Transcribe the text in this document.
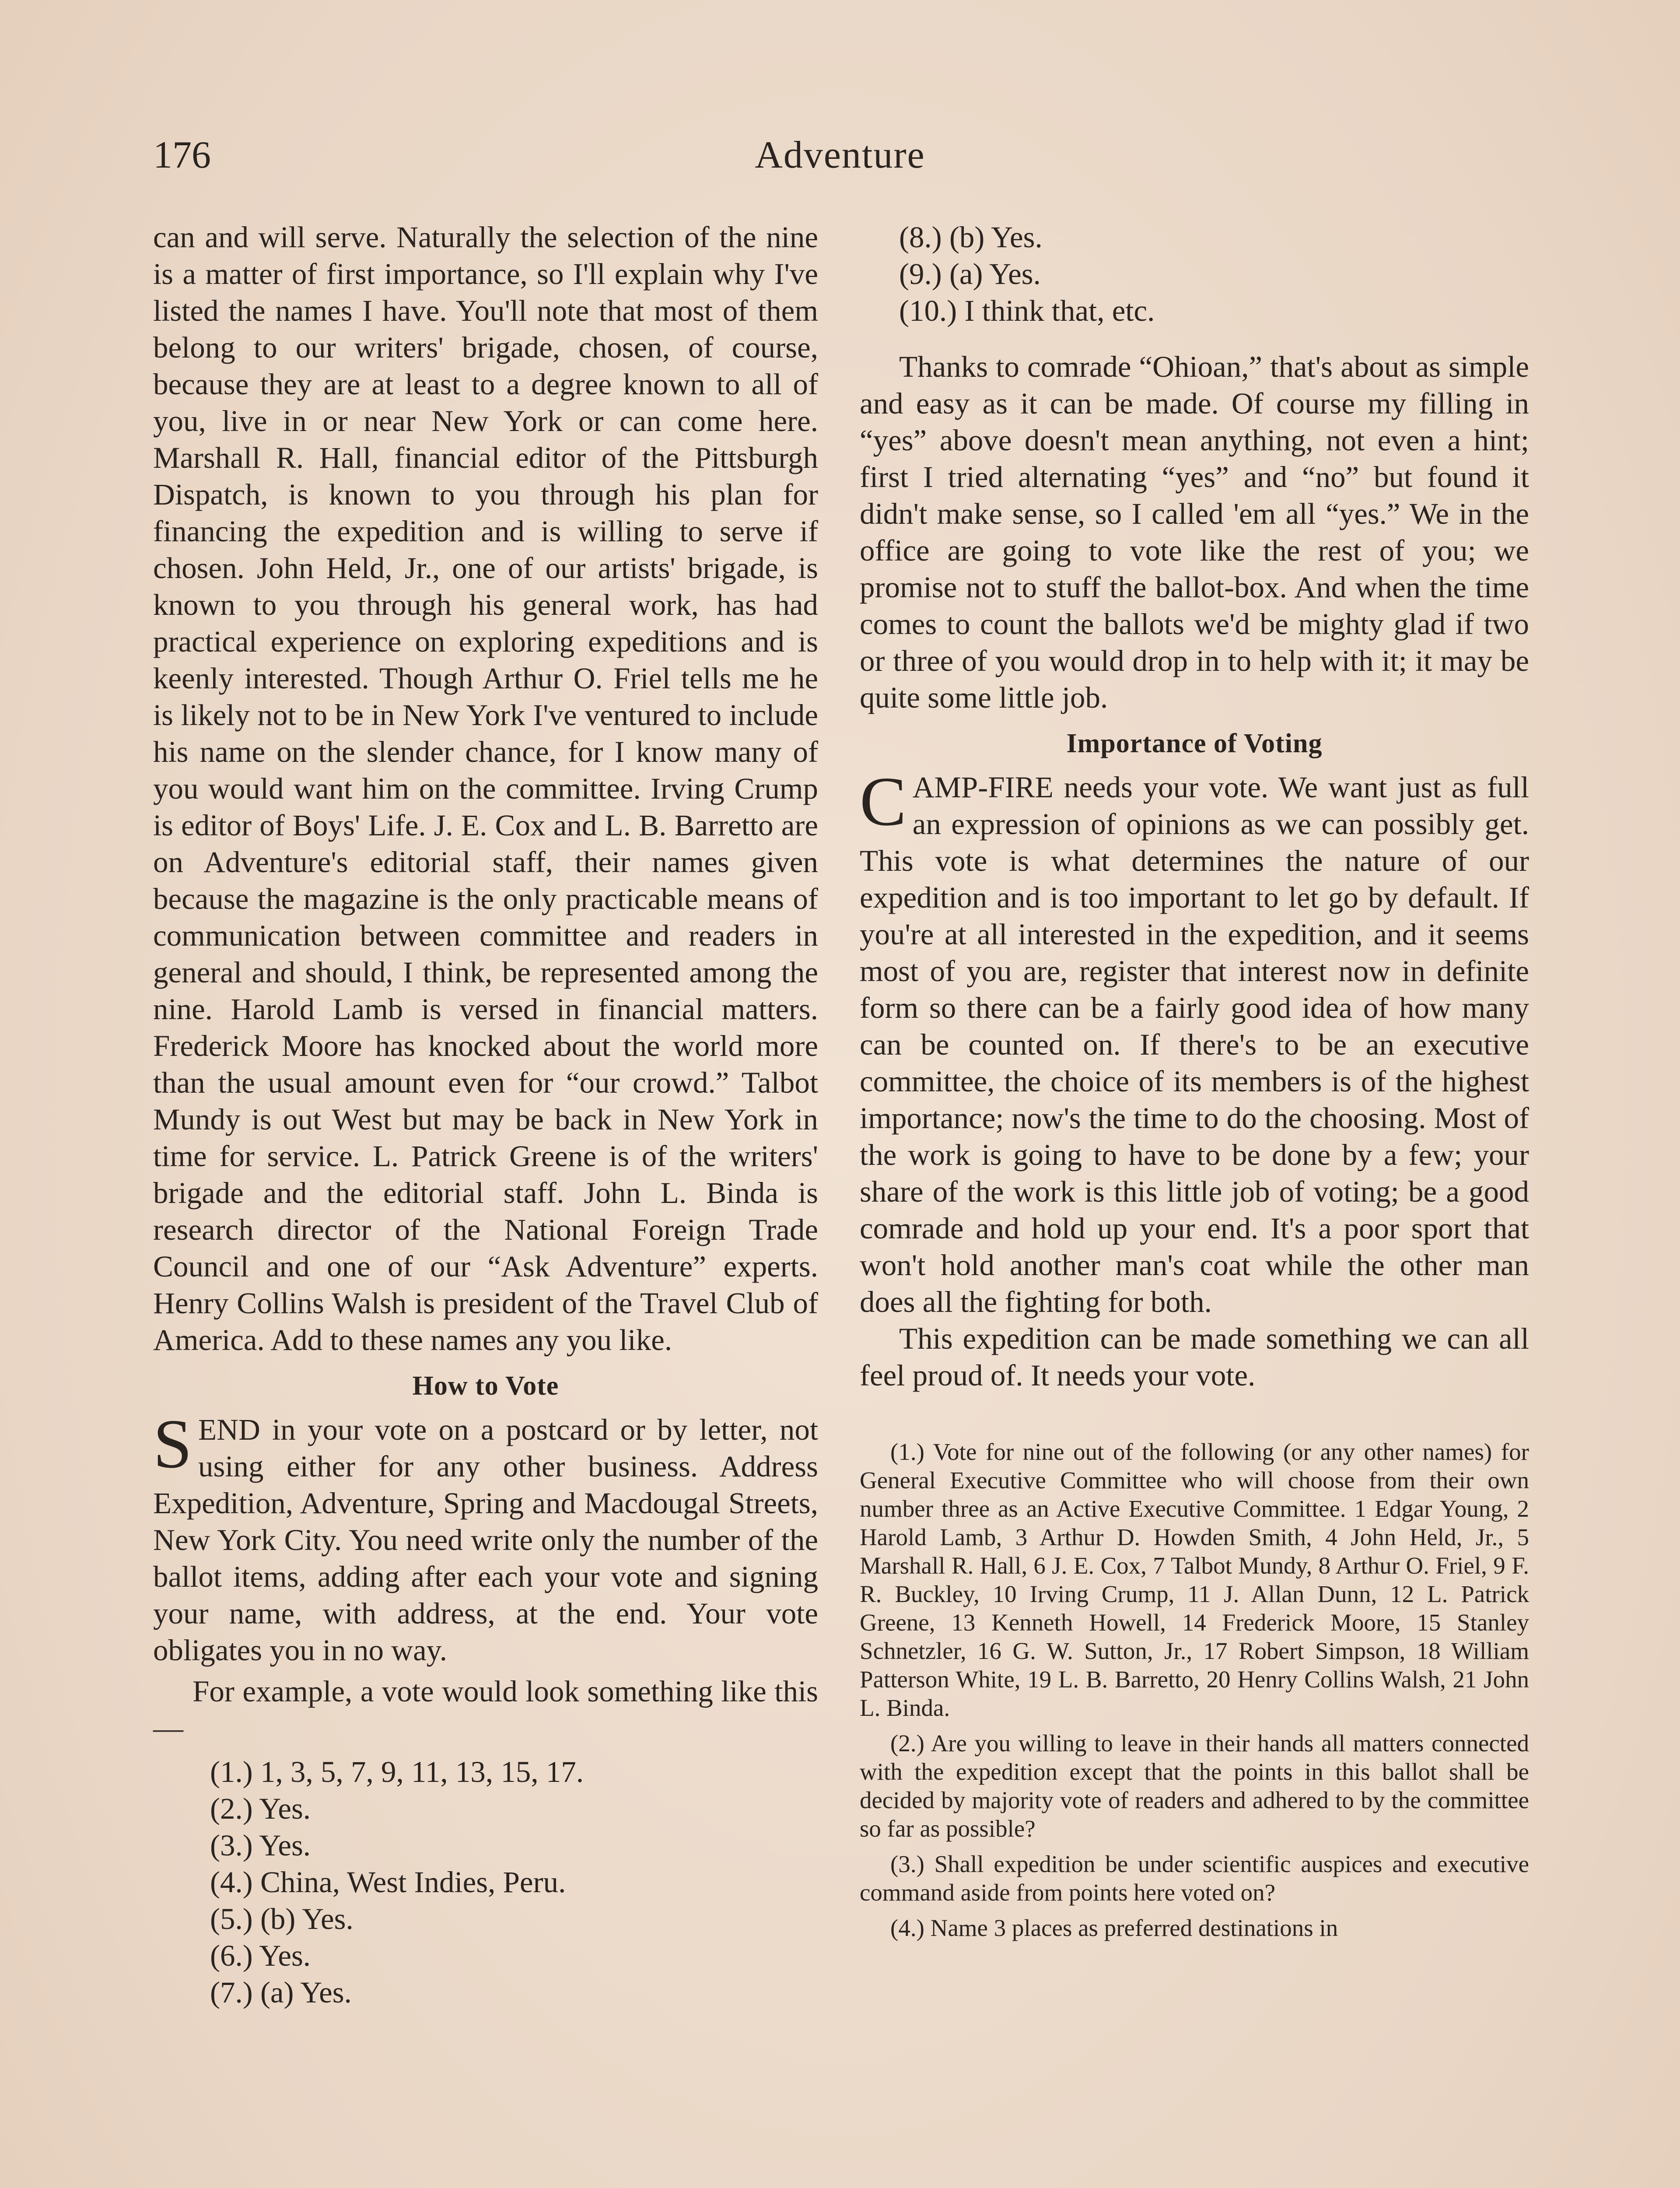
176	Adventure

can and will serve. Naturally the selection of the nine is a matter of first importance, so I'll explain why I've listed the names I have. You'll note that most of them belong to our writers' brigade, chosen, of course, because they are at least to a degree known to all of you, live in or near New York or can come here. Marshall R. Hall, financial editor of the Pittsburgh Dispatch, is known to you through his plan for financing the expedition and is willing to serve if chosen. John Held, Jr., one of our artists' brigade, is known to you through his general work, has had practical experience on exploring expeditions and is keenly interested. Though Arthur O. Friel tells me he is likely not to be in New York I've ventured to include his name on the slender chance, for I know many of you would want him on the committee. Irving Crump is editor of Boys' Life. J. E. Cox and L. B. Barretto are on Adventure's editorial staff, their names given because the magazine is the only practicable means of communication between committee and readers in general and should, I think, be represented among the nine. Harold Lamb is versed in financial matters. Frederick Moore has knocked about the world more than the usual amount even for “our crowd.” Talbot Mundy is out West but may be back in New York in time for service. L. Patrick Greene is of the writers' brigade and the editorial staff. John L. Binda is research director of the National Foreign Trade Council and one of our “Ask Adventure” experts. Henry Collins Walsh is president of the Travel Club of America. Add to these names any you like.

How to Vote

SEND in your vote on a postcard or by letter, not using either for any other business. Address Expedition, Adventure, Spring and Macdougal Streets, New York City. You need write only the number of the ballot items, adding after each your vote and signing your name, with address, at the end. Your vote obligates you in no way.

For example, a vote would look something like this—

(1.) 1, 3, 5, 7, 9, 11, 13, 15, 17.
(2.) Yes.
(3.) Yes.
(4.) China, West Indies, Peru.
(5.) (b) Yes.
(6.) Yes.
(7.) (a) Yes.
(8.) (b) Yes.
(9.) (a) Yes.
(10.) I think that, etc.

Thanks to comrade “Ohioan,” that's about as simple and easy as it can be made. Of course my filling in “yes” above doesn't mean anything, not even a hint; first I tried alternating “yes” and “no” but found it didn't make sense, so I called 'em all “yes.” We in the office are going to vote like the rest of you; we promise not to stuff the ballot-box. And when the time comes to count the ballots we'd be mighty glad if two or three of you would drop in to help with it; it may be quite some little job.

Importance of Voting

CAMP-FIRE needs your vote. We want just as full an expression of opinions as we can possibly get. This vote is what determines the nature of our expedition and is too important to let go by default. If you're at all interested in the expedition, and it seems most of you are, register that interest now in definite form so there can be a fairly good idea of how many can be counted on. If there's to be an executive committee, the choice of its members is of the highest importance; now's the time to do the choosing. Most of the work is going to have to be done by a few; your share of the work is this little job of voting; be a good comrade and hold up your end. It's a poor sport that won't hold another man's coat while the other man does all the fighting for both.

This expedition can be made something we can all feel proud of. It needs your vote.

(1.) Vote for nine out of the following (or any other names) for General Executive Committee who will choose from their own number three as an Active Executive Committee. 1 Edgar Young, 2 Harold Lamb, 3 Arthur D. Howden Smith, 4 John Held, Jr., 5 Marshall R. Hall, 6 J. E. Cox, 7 Talbot Mundy, 8 Arthur O. Friel, 9 F. R. Buckley, 10 Irving Crump, 11 J. Allan Dunn, 12 L. Patrick Greene, 13 Kenneth Howell, 14 Frederick Moore, 15 Stanley Schnetzler, 16 G. W. Sutton, Jr., 17 Robert Simpson, 18 William Patterson White, 19 L. B. Barretto, 20 Henry Collins Walsh, 21 John L. Binda.

(2.) Are you willing to leave in their hands all matters connected with the expedition except that the points in this ballot shall be decided by majority vote of readers and adhered to by the committee so far as possible?

(3.) Shall expedition be under scientific auspices and executive command aside from points here voted on?

(4.) Name 3 places as preferred destinations in
